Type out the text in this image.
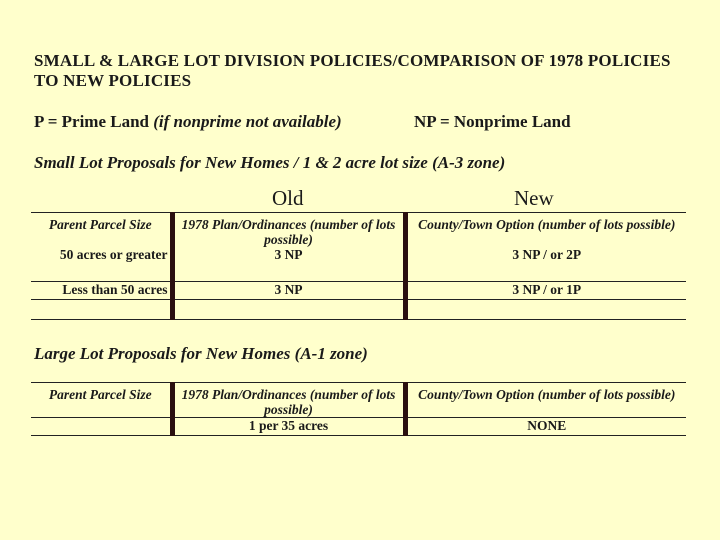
SMALL & LARGE LOT DIVISION POLICIES/COMPARISON OF 1978 POLICIES TO NEW POLICIES
P = Prime Land (if nonprime not available)	NP = Nonprime Land
Small Lot Proposals for New Homes / 1 & 2 acre lot size (A-3 zone)
Old	New
Parent Parcel Size	1978 Plan/Ordinances (number of lots possible)	County/Town Option (number of lots possible)
50 acres or greater	3 NP	3 NP / or 2P

Less than 50 acres	3 NP	3 NP / or 1P

Large Lot Proposals for New Homes (A-1 zone)
Parent Parcel Size	1978 Plan/Ordinances (number of lots possible)	County/Town Option (number of lots possible)
	1 per 35 acres	NONE
